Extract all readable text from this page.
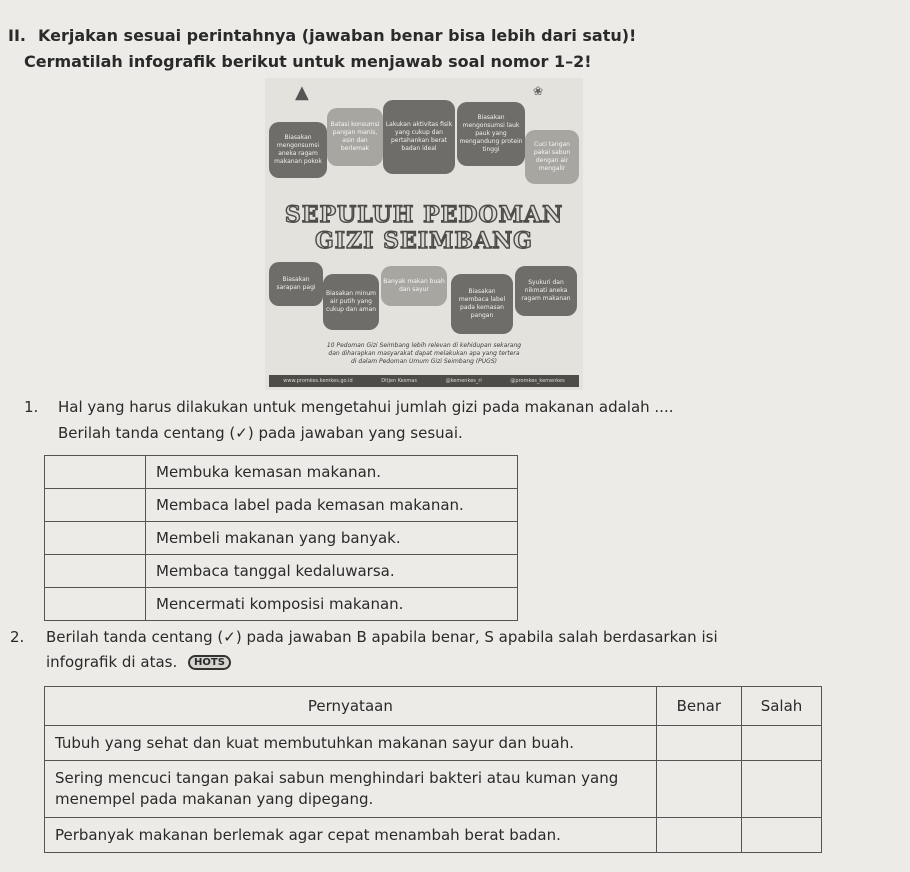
II. Kerjakan sesuai perintahnya (jawaban benar bisa lebih dari satu)!
Cermatilah infografik berikut untuk menjawab soal nomor 1–2!
▲	❀
Biasakan mengonsumsi aneka ragam makanan pokok
Batasi konsumsi pangan manis, asin dan berlemak
Lakukan aktivitas fisik yang cukup dan pertahankan berat badan ideal
Biasakan mengonsumsi lauk pauk yang mengandung protein tinggi
Cuci tangan pakai sabun dengan air mengalir
SEPULUH PEDOMAN
GIZI SEIMBANG
Biasakan sarapan pagi
Biasakan minum air putih yang cukup dan aman
Banyak makan buah dan sayur	Biasakan membaca label pada kemasan pangan
Syukuri dan nikmati aneka ragam makanan
10 Pedoman Gizi Seimbang lebih relevan di kehidupan sekarang
dan diharapkan masyarakat dapat melakukan apa yang tertera
di dalam Pedoman Umum Gizi Seimbang (PUGS)
www.promkes.kemkes.go.id	Ditjen Kesmas	@kemenkes_ri	@promkes_kemenkes
1. Hal yang harus dilakukan untuk mengetahui jumlah gizi pada makanan adalah ....
Berilah tanda centang (✓) pada jawaban yang sesuai.
	Membuka kemasan makanan.
	Membaca label pada kemasan makanan.
	Membeli makanan yang banyak.
	Membaca tanggal kedaluwarsa.
	Mencermati komposisi makanan.
2. Berilah tanda centang (✓) pada jawaban B apabila benar, S apabila salah berdasarkan isi
infografik di atas. HOTS
Pernyataan	Benar	Salah
Tubuh yang sehat dan kuat membutuhkan makanan sayur dan buah.		
Sering mencuci tangan pakai sabun menghindari bakteri atau kuman yang menempel pada makanan yang dipegang.		
Perbanyak makanan berlemak agar cepat menambah berat badan.		
